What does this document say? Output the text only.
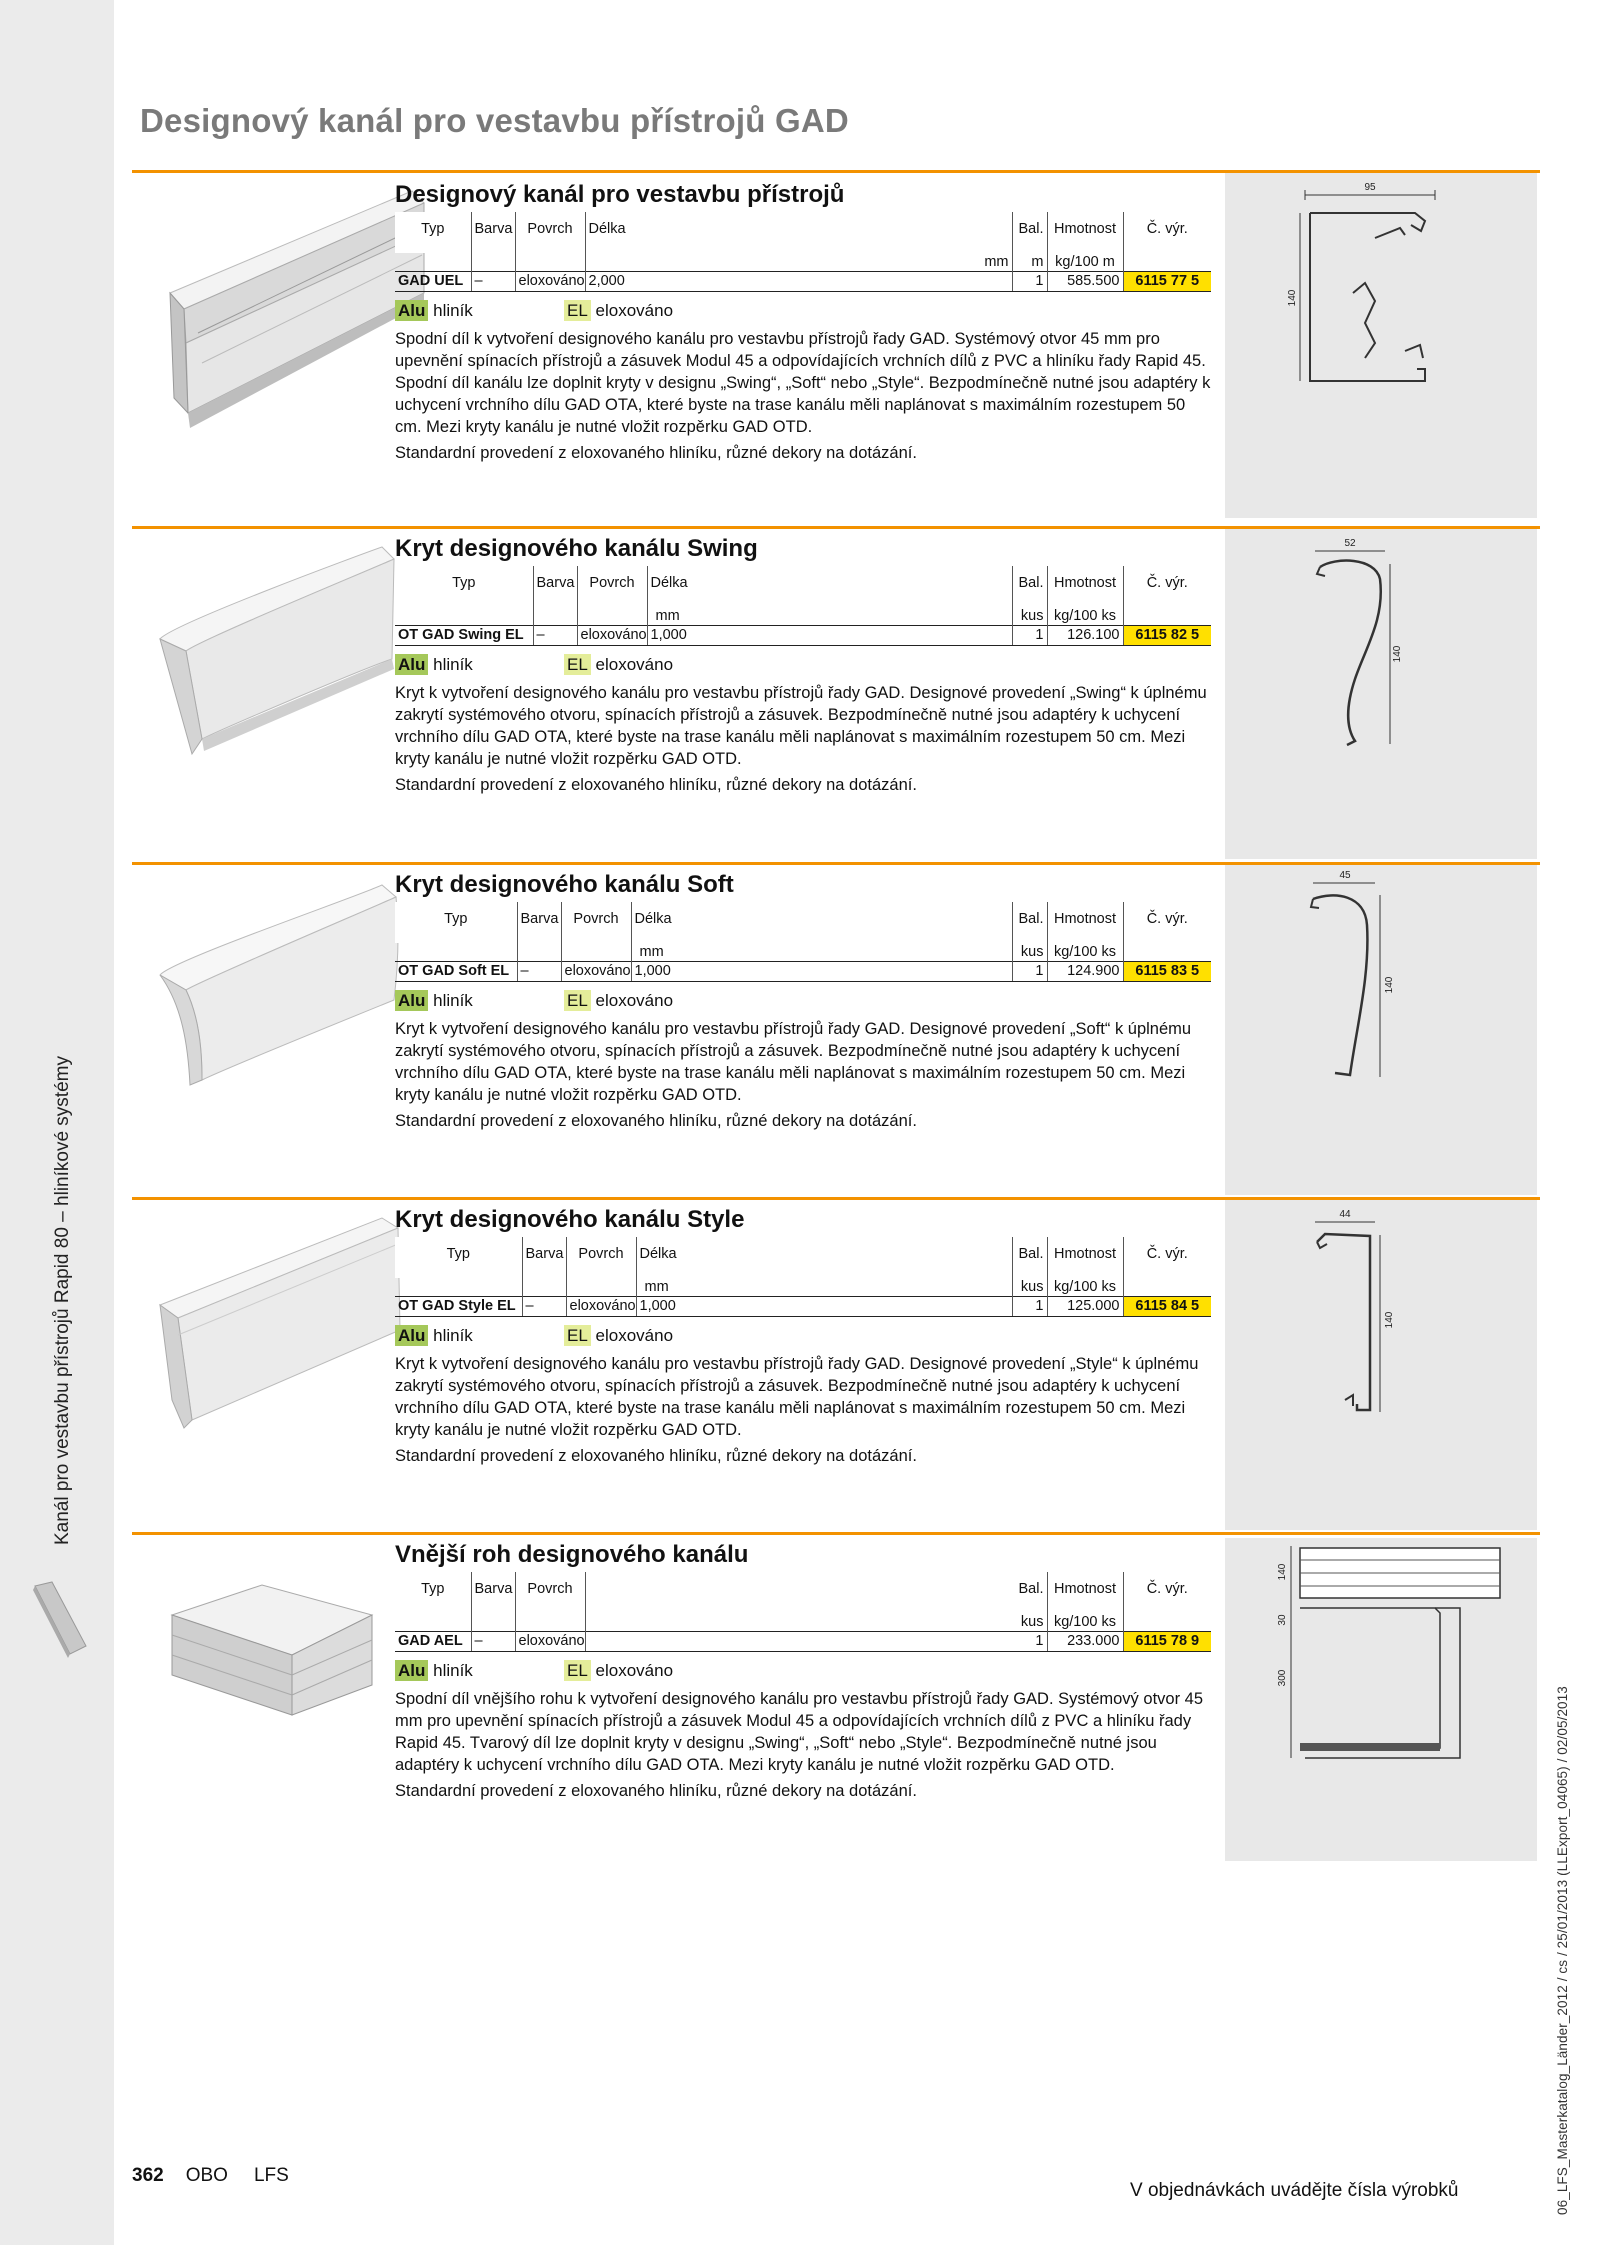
Kanál pro vestavbu přístrojů Rapid 80 – hliníkové systémy
06_LFS_Masterkatalog_Länder_2012 / cs / 25/01/2013 (LLExport_04065) / 02/05/2013
Designový kanál pro vestavbu přístrojů GAD
Designový kanál pro vestavbu přístrojů
Typ	Barva	Povrch	Délka	Bal.	Hmotnost	Č. výr.
			mm	m	kg/100 m	
GAD UEL	–	eloxováno	2,000	1	585.500	6115 77 5
Alu hliník	EL eloxováno

Spodní díl k vytvoření designového kanálu pro vestavbu přístrojů řady GAD. Systémový otvor 45 mm pro upevnění spínacích přístrojů a zásuvek Modul 45 a odpovídajících vrchních dílů z PVC a hliníku řady Rapid 45. Spodní díl kanálu lze doplnit kryty v designu „Swing“, „Soft“ nebo „Style“. Bezpodmínečně nutné jsou adaptéry k uchycení vrchního dílu GAD OTA, které byste na trase kanálu měli naplánovat s maximálním rozestupem 50 cm. Mezi kryty kanálu je nutné vložit rozpěrku GAD OTD.

Standardní provedení z eloxovaného hliníku, různé dekory na dotázání.

95
140
Kryt designového kanálu Swing
Typ	Barva	Povrch	Délka	Bal.	Hmotnost	Č. výr.
			mm	kus	kg/100 ks	
OT GAD Swing EL	–	eloxováno	1,000	1	126.100	6115 82 5
Alu hliník	EL eloxováno

Kryt k vytvoření designového kanálu pro vestavbu přístrojů řady GAD. Designové provedení „Swing“ k úplnému zakrytí systémového otvoru, spínacích přístrojů a zásuvek. Bezpodmínečně nutné jsou adaptéry k uchycení vrchního dílu GAD OTA, které byste na trase kanálu měli naplánovat s maximálním rozestupem 50 cm. Mezi kryty kanálu je nutné vložit rozpěrku GAD OTD.

Standardní provedení z eloxovaného hliníku, různé dekory na dotázání.

52
140
Kryt designového kanálu Soft
Typ	Barva	Povrch	Délka	Bal.	Hmotnost	Č. výr.
			mm	kus	kg/100 ks	
OT GAD Soft EL	–	eloxováno	1,000	1	124.900	6115 83 5
Alu hliník	EL eloxováno

Kryt k vytvoření designového kanálu pro vestavbu přístrojů řady GAD. Designové provedení „Soft“ k úplnému zakrytí systémového otvoru, spínacích přístrojů a zásuvek. Bezpodmínečně nutné jsou adaptéry k uchycení vrchního dílu GAD OTA, které byste na trase kanálu měli naplánovat s maximálním rozestupem 50 cm. Mezi kryty kanálu je nutné vložit rozpěrku GAD OTD.

Standardní provedení z eloxovaného hliníku, různé dekory na dotázání.

45
140
Kryt designového kanálu Style
Typ	Barva	Povrch	Délka	Bal.	Hmotnost	Č. výr.
			mm	kus	kg/100 ks	
OT GAD Style EL	–	eloxováno	1,000	1	125.000	6115 84 5
Alu hliník	EL eloxováno

Kryt k vytvoření designového kanálu pro vestavbu přístrojů řady GAD. Designové provedení „Style“ k úplnému zakrytí systémového otvoru, spínacích přístrojů a zásuvek. Bezpodmínečně nutné jsou adaptéry k uchycení vrchního dílu GAD OTA, které byste na trase kanálu měli naplánovat s maximálním rozestupem 50 cm. Mezi kryty kanálu je nutné vložit rozpěrku GAD OTD.

Standardní provedení z eloxovaného hliníku, různé dekory na dotázání.

44
140
Vnější roh designového kanálu
Typ	Barva	Povrch		Bal.	Hmotnost	Č. výr.
				kus	kg/100 ks	
GAD AEL	–	eloxováno		1	233.000	6115 78 9
Alu hliník	EL eloxováno

Spodní díl vnějšího rohu k vytvoření designového kanálu pro vestavbu přístrojů řady GAD. Systémový otvor 45 mm pro upevnění spínacích přístrojů a zásuvek Modul 45 a odpovídajících vrchních dílů z PVC a hliníku řady Rapid 45. Tvarový díl lze doplnit kryty v designu „Swing“, „Soft“ nebo „Style“. Bezpodmínečně nutné jsou adaptéry k uchycení vrchního dílu GAD OTA. Mezi kryty kanálu je nutné vložit rozpěrku GAD OTD.

Standardní provedení z eloxovaného hliníku, různé dekory na dotázání.

140
30
300
362 OBO LFS
V objednávkách uvádějte čísla výrobků
